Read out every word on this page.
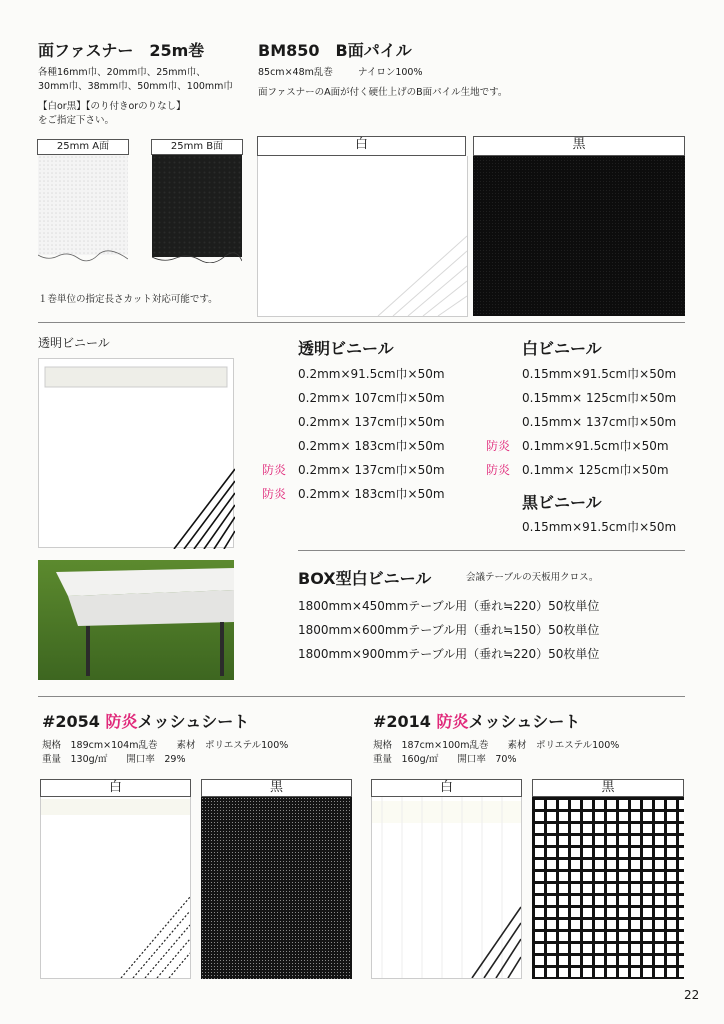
面ファスナー　25m巻
各種16mm巾、20mm巾、25mm巾、
30mm巾、38mm巾、50mm巾、100mm巾
【白or黒】【のり付きorのりなし】
をご指定下さい。
25mm A面	25mm B面
１巻単位の指定長さカット対応可能です。
BM850　B面パイル
85cm×48m乱巻	ナイロン100%
面ファスナーのA面が付く硬仕上げのB面パイル生地です。
白	黒
透明ビニール	透明ビニール
0.2mm×91.5cm巾×50m
0.2mm× 107cm巾×50m
0.2mm× 137cm巾×50m
0.2mm× 183cm巾×50m
防炎 0.2mm× 137cm巾×50m
防炎 0.2mm× 183cm巾×50m
白ビニール
0.15mm×91.5cm巾×50m
0.15mm× 125cm巾×50m
0.15mm× 137cm巾×50m
防炎 0.1mm×91.5cm巾×50m
防炎 0.1mm× 125cm巾×50m
黒ビニール
0.15mm×91.5cm巾×50m
BOX型白ビニール	会議テーブルの天板用クロス。
1800mm×450mmテーブル用（垂れ≒220）50枚単位
1800mm×600mmテーブル用（垂れ≒150）50枚単位
1800mm×900mmテーブル用（垂れ≒220）50枚単位
#2054 防炎メッシュシート
規格　189cm×104m乱巻　　素材　ポリエステル100%
重量　130g/㎡　　開口率　29%
白	黒
#2014 防炎メッシュシート
規格　187cm×100m乱巻　　素材　ポリエステル100%
重量　160g/㎡　　開口率　70%
白	黒
22
